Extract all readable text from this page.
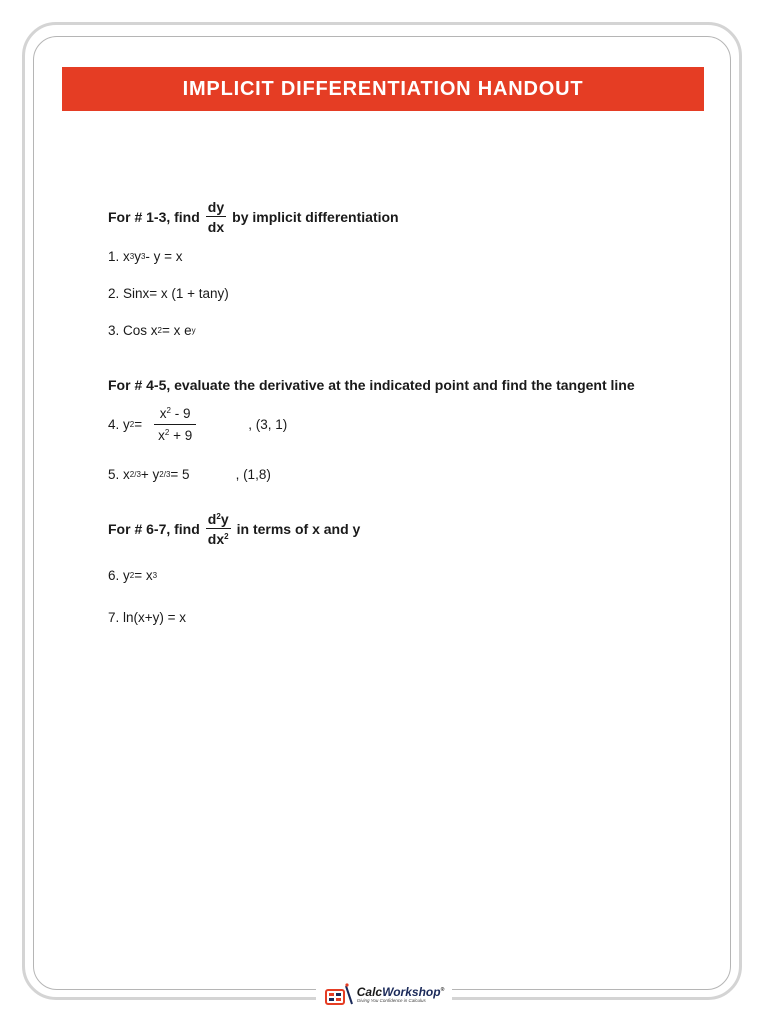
IMPLICIT DIFFERENTIATION HANDOUT
For # 1-3, find $\frac{dy}{dx}$ by implicit differentiation
1. x 3 y 3 - y = x
2. Sinx= x (1 + tany)
3. Cos x 2 = x e y
For # 4-5, evaluate the derivative at the indicated point and find the tangent line
4. y $2 = \frac{x^2 - 9}{x^2 + 9}$	, (3, 1)
5. x 2/3 + y 2/3 = 5	, (1,8)
For # 6-7, find $\frac{d^2y}{dx^2}$ in terms of x and y
6. y 2 = x 3
7. ln(x+y) = x
CalcWorkshop®
Giving You Confidence in Calculus
